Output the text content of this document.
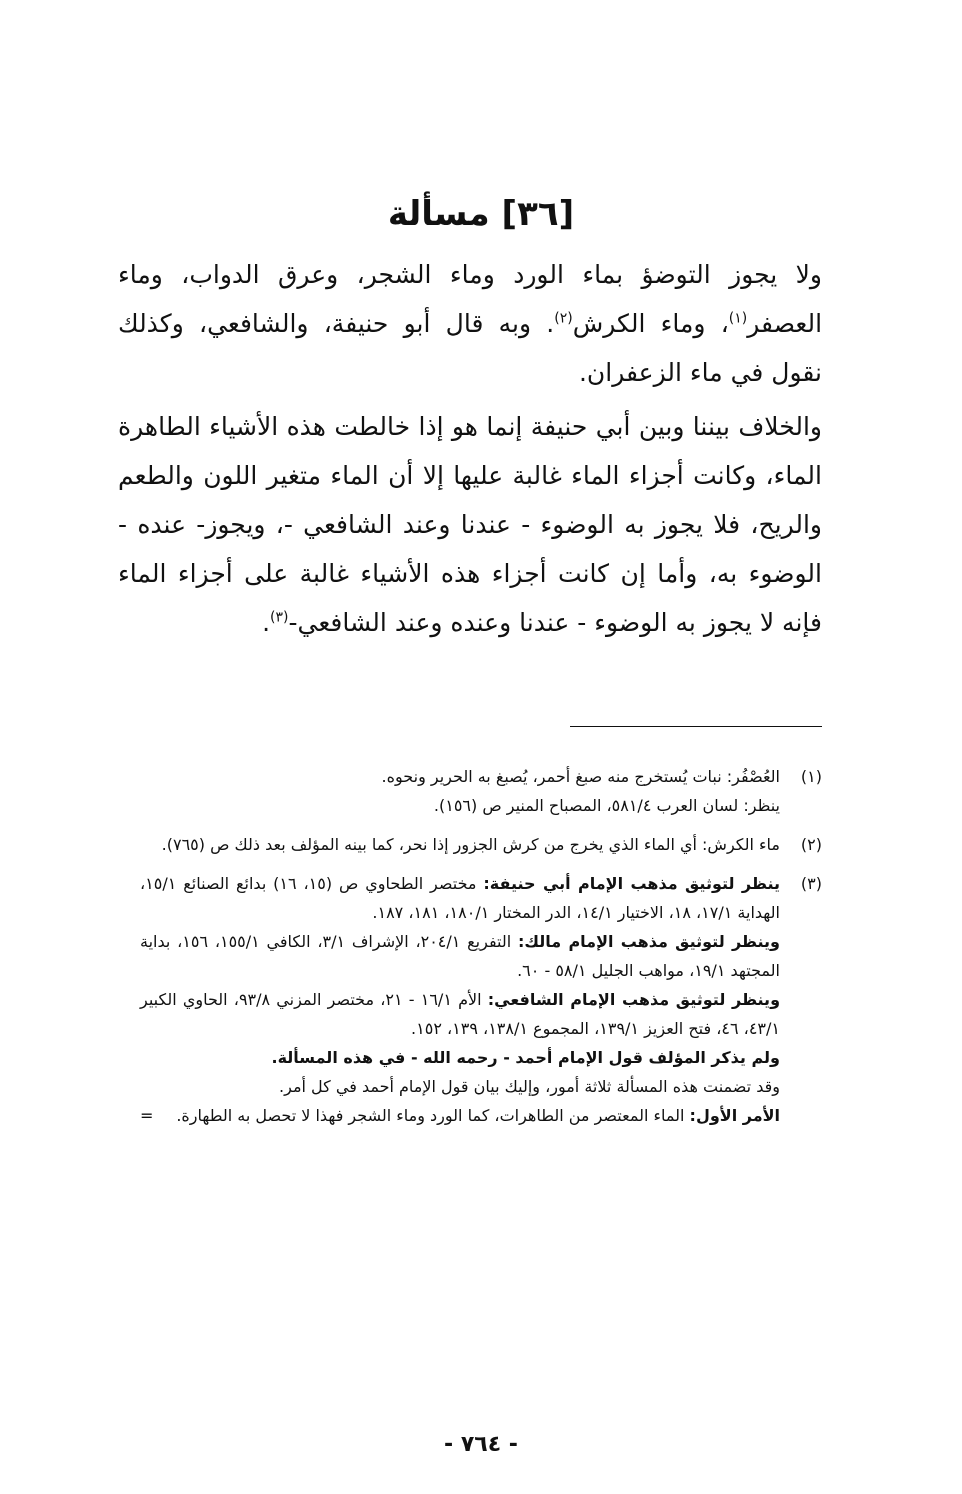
[٣٦] مسألة

ولا يجوز التوضؤ بماء الورد وماء الشجر، وعرق الدواب، وماء العصفر$^{(١)}$، وماء الكرش$^{(٢)}$. وبه قال أبو حنيفة، والشافعي، وكذلك نقول في ماء الزعفران.

والخلاف بيننا وبين أبي حنيفة إنما هو إذا خالطت هذه الأشياء الطاهرة الماء، وكانت أجزاء الماء غالبة عليها إلا أن الماء متغير اللون والطعم والريح، فلا يجوز به الوضوء - عندنا وعند الشافعي -، ويجوز- عنده - الوضوء به، وأما إن كانت أجزاء هذه الأشياء غالبة على أجزاء الماء فإنه لا يجوز به الوضوء - عندنا وعنده وعند الشافعي-$^{(٣)}$.

(١)
العُصْفُر: نبات يُستخرج منه صبغ أحمر، يُصبغ به الحرير ونحوه.
ينظر: لسان العرب ٥٨١/٤، المصباح المنير ص (١٥٦).
(٢)
ماء الكرش: أي الماء الذي يخرج من كرش الجزور إذا نحر، كما بينه المؤلف بعد ذلك ص (٧٦٥).
(٣)
ينظر لتوثيق مذهب الإمام أبي حنيفة: مختصر الطحاوي ص (١٥، ١٦) بدائع الصنائع ١٥/١، الهداية ١٧/١، ١٨، الاختيار ١٤/١، الدر المختار ١٨٠/١، ١٨١، ١٨٧.
وينظر لتوثيق مذهب الإمام مالك: التفريع ٢٠٤/١، الإشراف ٣/١، الكافي ١٥٥/١، ١٥٦، بداية المجتهد ١٩/١، مواهب الجليل ٥٨/١ - ٦٠.
وينظر لتوثيق مذهب الإمام الشافعي: الأم ١٦/١ - ٢١، مختصر المزني ٩٣/٨، الحاوي الكبير ٤٣/١، ٤٦، فتح العزيز ١٣٩/١، المجموع ١٣٨/١، ١٣٩، ١٥٢.
ولم يذكر المؤلف قول الإمام أحمد - رحمه الله - في هذه المسألة.
وقد تضمنت هذه المسألة ثلاثة أمور، وإليك بيان قول الإمام أحمد في كل أمر.
الأمر الأول: الماء المعتصر من الطاهرات، كما الورد وماء الشجر فهذا لا تحصل به الطهارة.
=
- ٧٦٤ -
